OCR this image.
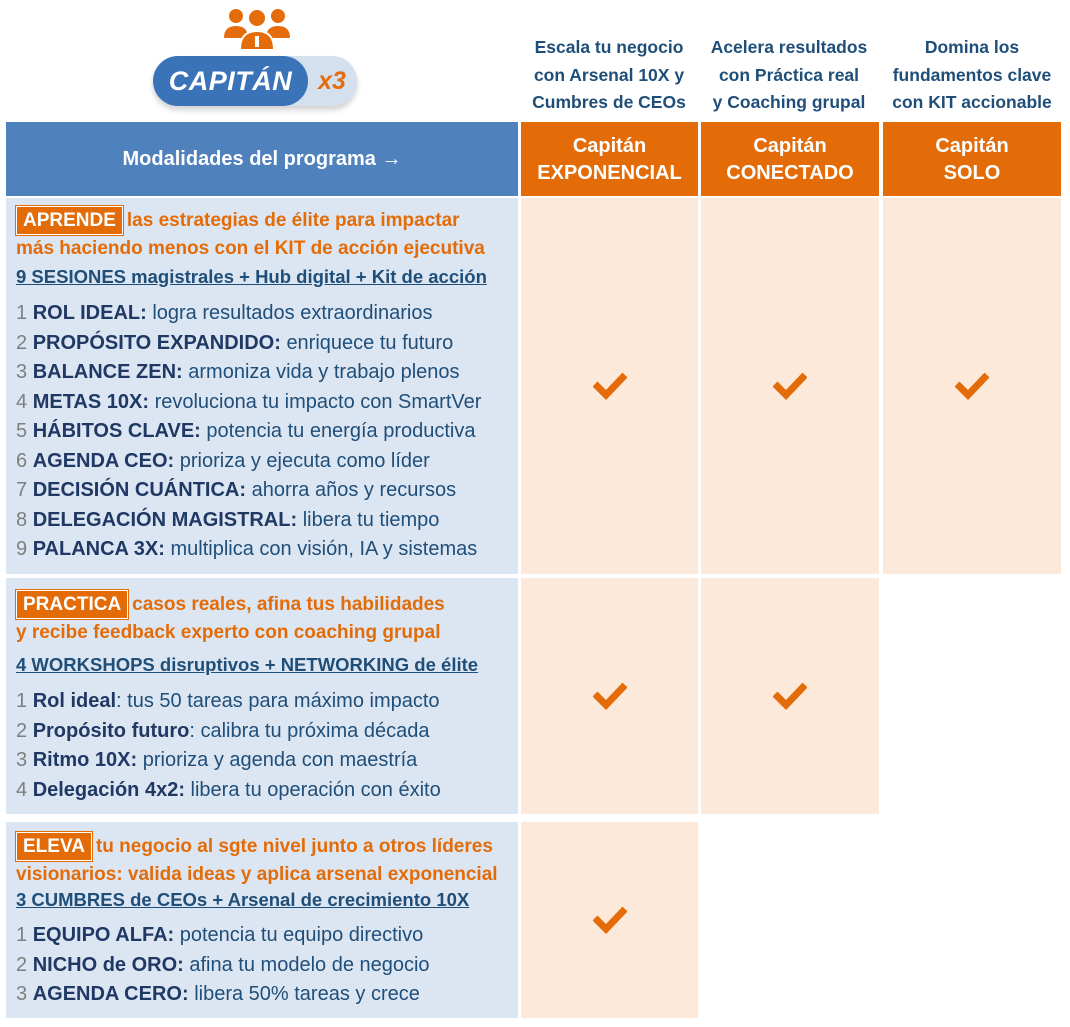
CAPITÁN	x3
Escala tu negocio
con Arsenal 10X y
Cumbres de CEOs
Acelera resultados
con Práctica real
y Coaching grupal
Domina los
fundamentos clave
con KIT accionable
Modalidades del programa →
Capitán
EXPONENCIAL
Capitán
CONECTADO
Capitán
SOLO
APRENDE las estrategias de élite para impactar
más haciendo menos con el KIT de acción ejecutiva
9 SESIONES magistrales + Hub digital + Kit de acción
1 ROL IDEAL: logra resultados extraordinarios
2 PROPÓSITO EXPANDIDO: enriquece tu futuro
3 BALANCE ZEN: armoniza vida y trabajo plenos
4 METAS 10X: revoluciona tu impacto con SmartVer
5 HÁBITOS CLAVE: potencia tu energía productiva
6 AGENDA CEO: prioriza y ejecuta como líder
7 DECISIÓN CUÁNTICA: ahorra años y recursos
8 DELEGACIÓN MAGISTRAL: libera tu tiempo
9 PALANCA 3X: multiplica con visión, IA y sistemas
PRACTICA casos reales, afina tus habilidades
y recibe feedback experto con coaching grupal
4 WORKSHOPS disruptivos + NETWORKING de élite
1 Rol ideal: tus 50 tareas para máximo impacto
2 Propósito futuro: calibra tu próxima década
3 Ritmo 10X: prioriza y agenda con maestría
4 Delegación 4x2: libera tu operación con éxito
ELEVA tu negocio al sgte nivel junto a otros líderes
visionarios: valida ideas y aplica arsenal exponencial
3 CUMBRES de CEOs + Arsenal de crecimiento 10X
1 EQUIPO ALFA: potencia tu equipo directivo
2 NICHO de ORO: afina tu modelo de negocio
3 AGENDA CERO: libera 50% tareas y crece
